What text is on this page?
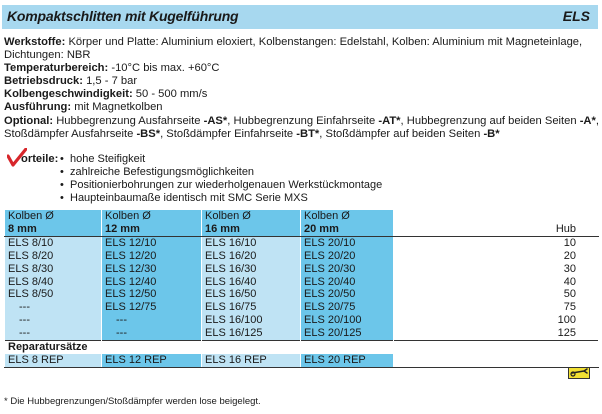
Kompaktschlitten mit Kugelführung	ELS
Werkstoffe: Körper und Platte: Aluminium eloxiert, Kolbenstangen: Edelstahl, Kolben: Aluminium mit Magneteinlage,
Dichtungen: NBR
Temperaturbereich: -10°C bis max. +60°C
Betriebsdruck: 1,5 - 7 bar
Kolbengeschwindigkeit: 50 - 500 mm/s
Ausführung: mit Magnetkolben
Optional: Hubbegrenzung Ausfahrseite -AS*, Hubbegrenzung Einfahrseite -AT*, Hubbegrenzung auf beiden Seiten -A*,
Stoßdämpfer Ausfahrseite -BS*, Stoßdämpfer Einfahrseite -BT*, Stoßdämpfer auf beiden Seiten -B*
orteile:	• hohe Steifigkeit
• zahlreiche Befestigungsmöglichkeiten
• Positionierbohrungen zur wiederholgenauen Werkstückmontage
• Haupteinbaumaße identisch mit SMC Serie MXS
Kolben Ø	Kolben Ø	Kolben Ø	Kolben Ø	
8 mm	12 mm	16 mm	20 mm	Hub
ELS 8/10	ELS 12/10	ELS 16/10	ELS 20/10	10
ELS 8/20	ELS 12/20	ELS 16/20	ELS 20/20	20
ELS 8/30	ELS 12/30	ELS 16/30	ELS 20/30	30
ELS 8/40	ELS 12/40	ELS 16/40	ELS 20/40	40
ELS 8/50	ELS 12/50	ELS 16/50	ELS 20/50	50
---	ELS 12/75	ELS 16/75	ELS 20/75	75
---	---	ELS 16/100	ELS 20/100	100
---	---	ELS 16/125	ELS 20/125	125
Reparatursätze				
ELS 8 REP	ELS 12 REP	ELS 16 REP	ELS 20 REP	
* Die Hubbegrenzungen/Stoßdämpfer werden lose beigelegt.
